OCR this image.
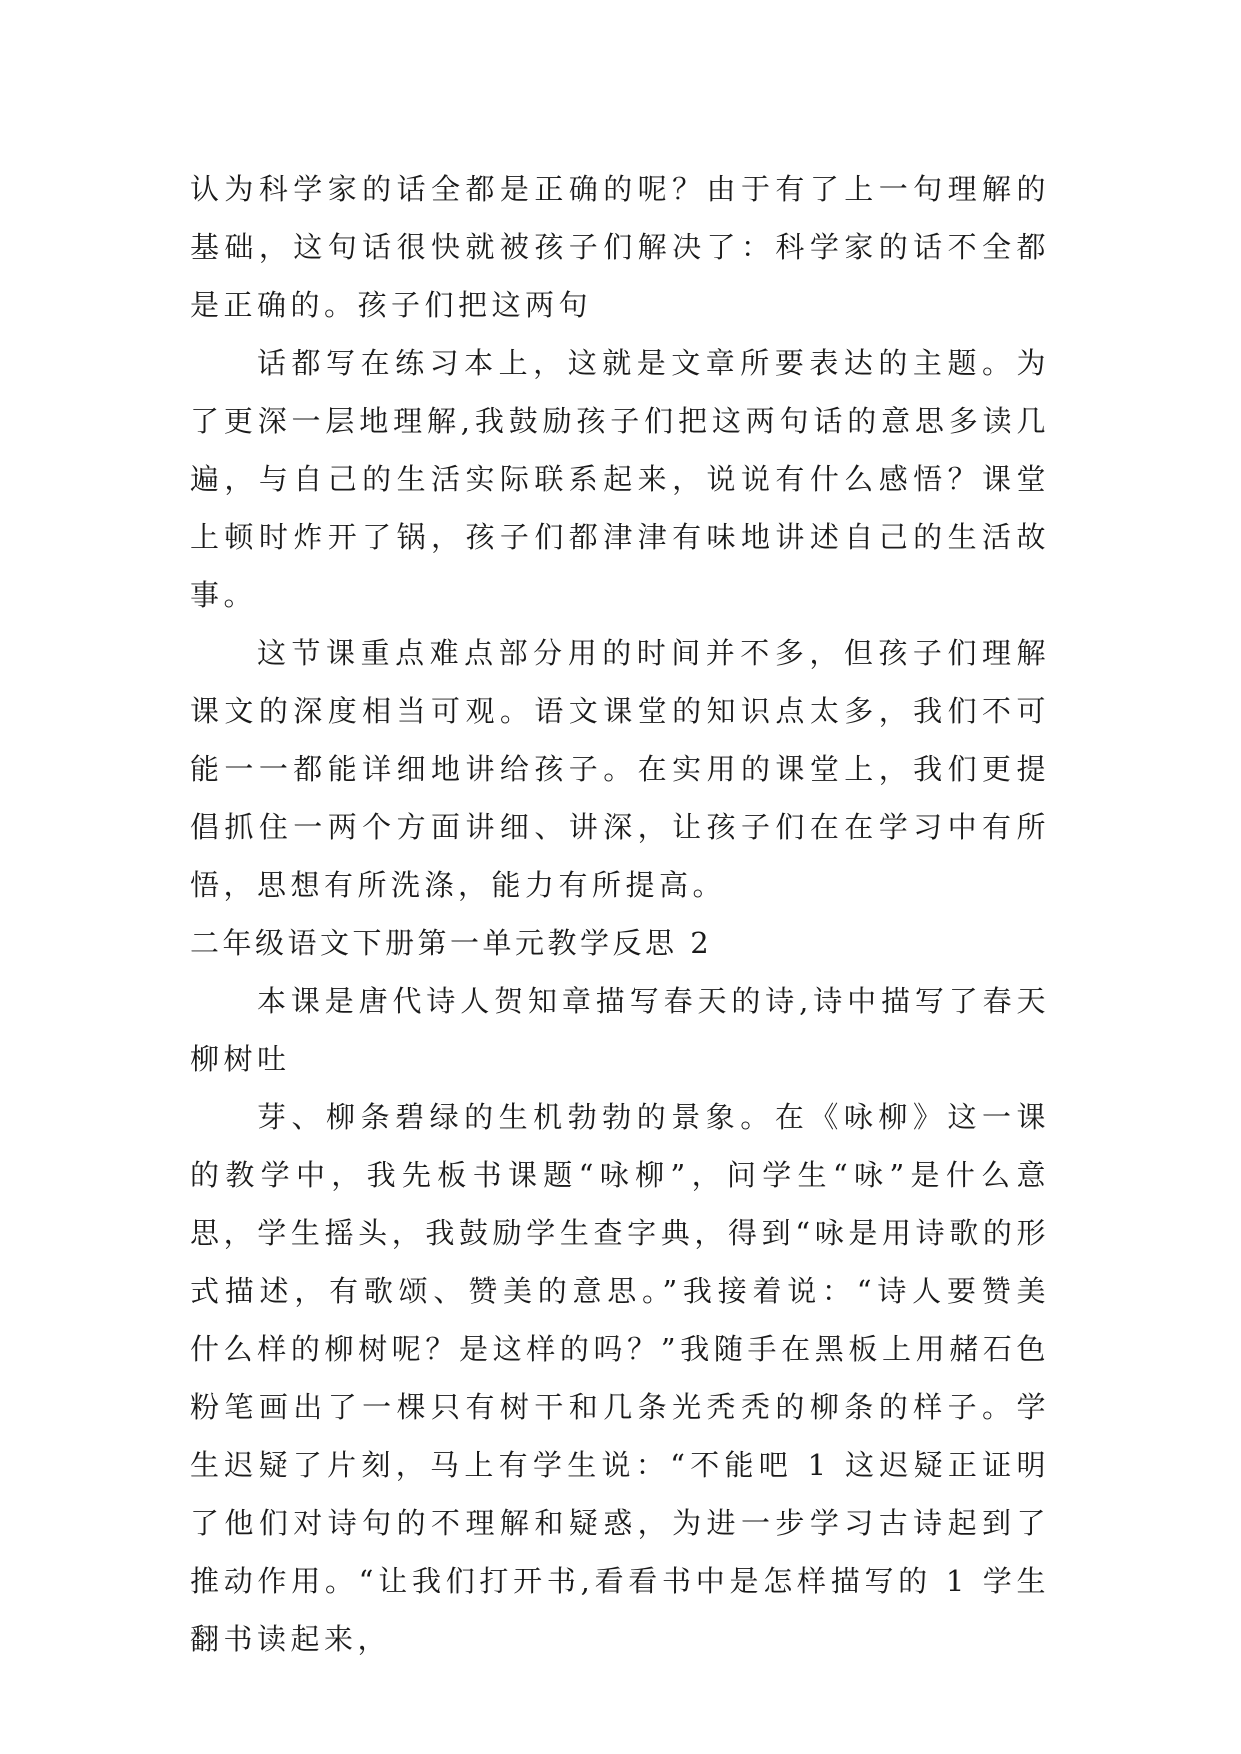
认为科学家的话全都是正确的呢？由于有了上一句理解的基础，这句话很快就被孩子们解决了：科学家的话不全都是正确的。孩子们把这两句

话都写在练习本上，这就是文章所要表达的主题。为了更深一层地理解,我鼓励孩子们把这两句话的意思多读几遍，与自己的生活实际联系起来，说说有什么感悟？课堂上顿时炸开了锅，孩子们都津津有味地讲述自己的生活故事。

这节课重点难点部分用的时间并不多，但孩子们理解课文的深度相当可观。语文课堂的知识点太多，我们不可能一一都能详细地讲给孩子。在实用的课堂上，我们更提倡抓住一两个方面讲细、讲深，让孩子们在在学习中有所悟，思想有所洗涤，能力有所提高。

二年级语文下册第一单元教学反思 2

本课是唐代诗人贺知章描写春天的诗,诗中描写了春天柳树吐

芽、柳条碧绿的生机勃勃的景象。在《咏柳》这一课的教学中，我先板书课题“咏柳”，问学生“咏”是什么意思，学生摇头，我鼓励学生查字典，得到“咏是用诗歌的形式描述，有歌颂、赞美的意思。”我接着说：“诗人要赞美什么样的柳树呢？是这样的吗？”我随手在黑板上用赭石色粉笔画出了一棵只有树干和几条光秃秃的柳条的样子。学生迟疑了片刻，马上有学生说：“不能吧 1 这迟疑正证明了他们对诗句的不理解和疑惑，为进一步学习古诗起到了推动作用。“让我们打开书,看看书中是怎样描写的 1 学生翻书读起来，
